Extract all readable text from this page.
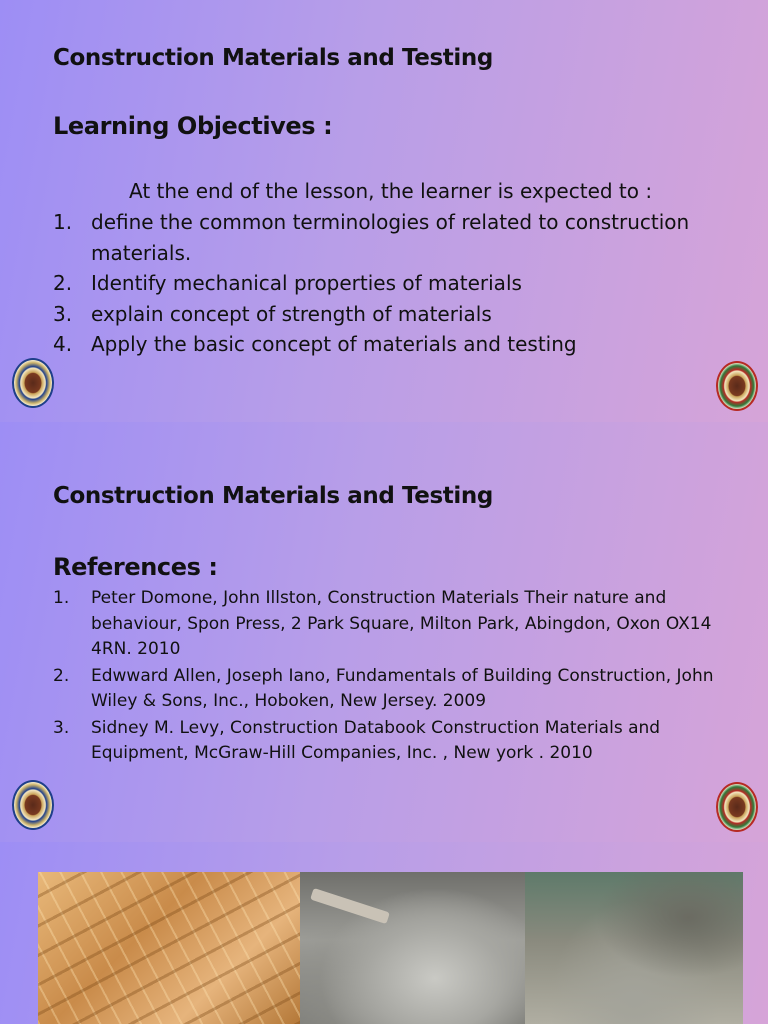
Construction Materials and Testing
Learning Objectives :
At the end of the lesson, the learner is expected to :
1. define the common terminologies of related to construction materials.
2. Identify mechanical properties of materials
3. explain concept of strength of materials
4. Apply the basic concept of materials and testing
Construction Materials and Testing
References :
1.	Peter Domone, John Illston, Construction Materials Their nature and behaviour, Spon Press, 2 Park Square, Milton Park, Abingdon, Oxon OX14 4RN. 2010
2.	Edwward Allen, Joseph Iano, Fundamentals of Building Construction, John Wiley & Sons, Inc., Hoboken, New Jersey. 2009
3.	Sidney M. Levy, Construction Databook Construction Materials and Equipment, McGraw-Hill Companies, Inc. , New york . 2010
